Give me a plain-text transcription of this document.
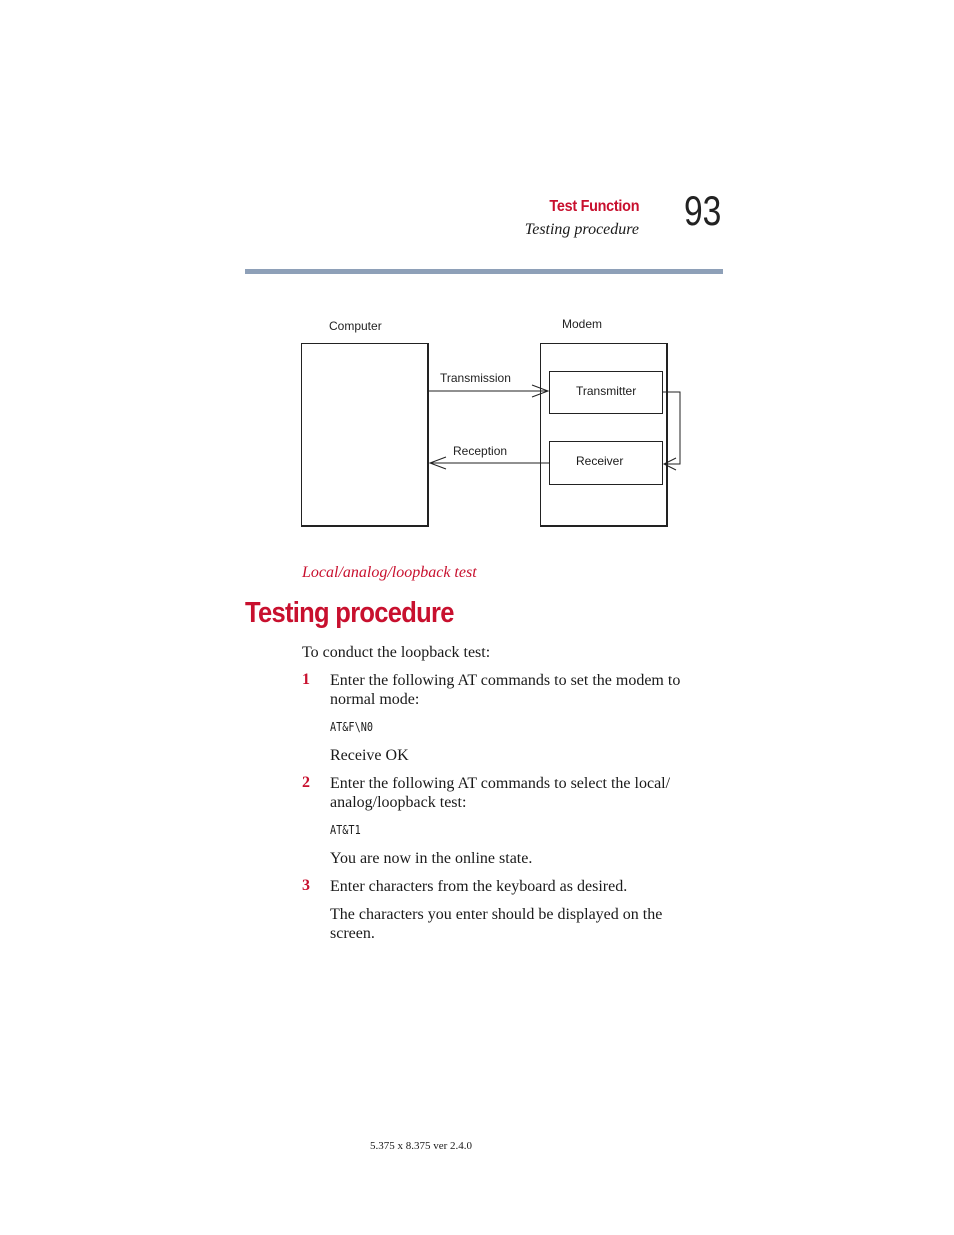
Test Function
Testing procedure 93
Computer	Modem
Transmitter
Receiver
Transmission
Reception
Local/analog/loopback test
Testing procedure
To conduct the loopback test:
1 Enter the following AT commands to set the modem to normal mode:
AT&F\N0
Receive OK
2 Enter the following AT commands to select the local/ analog/loopback test:
AT&T1
You are now in the online state.
3 Enter characters from the keyboard as desired.
The characters you enter should be displayed on the screen.
5.375 x 8.375 ver 2.4.0
